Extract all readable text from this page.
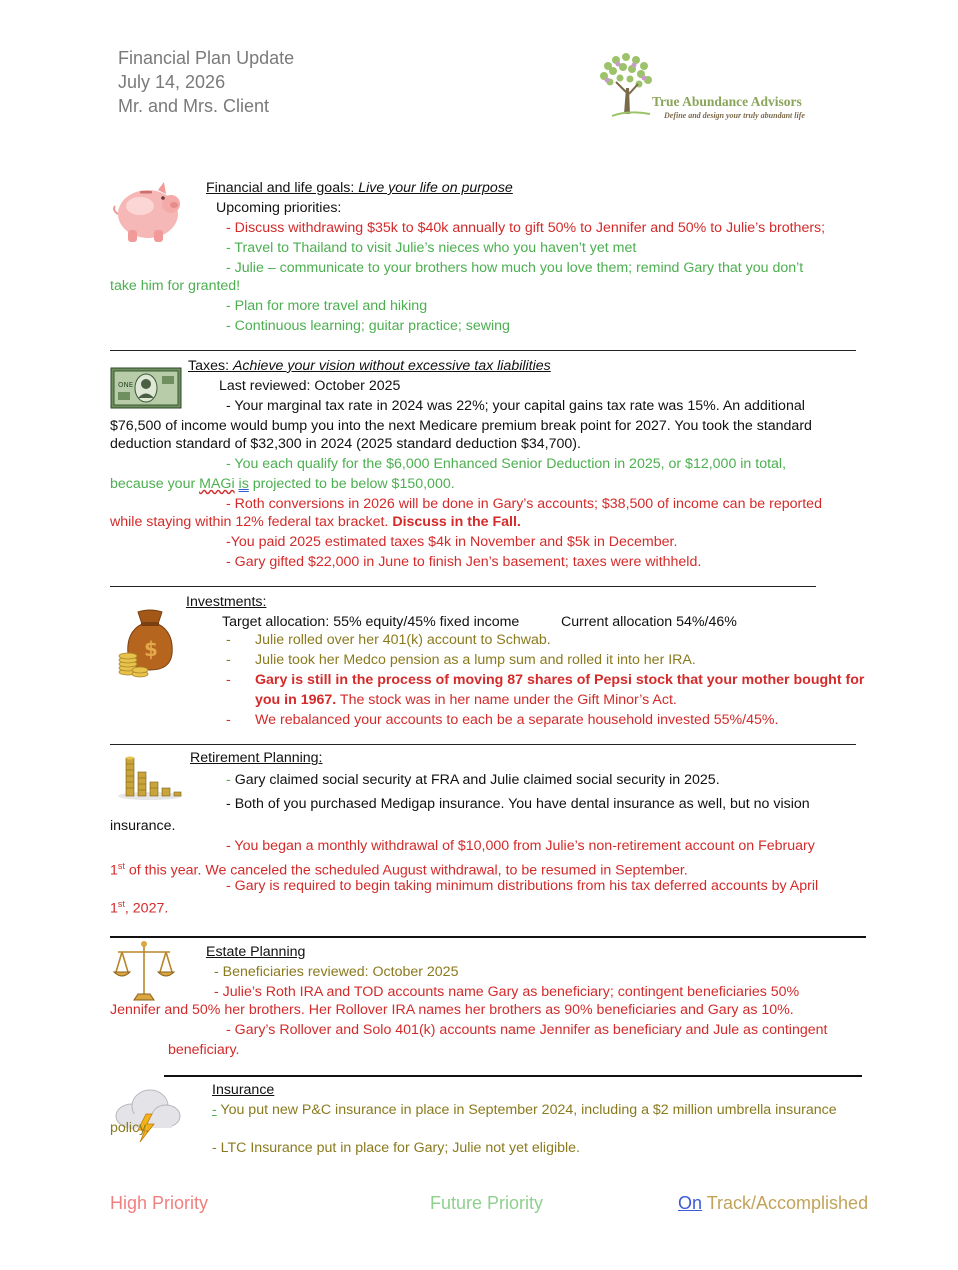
Financial Plan Update
July 14, 2026
Mr. and Mrs. Client	True Abundance Advisors
Define and design your truly abundant life
Financial and life goals: Live your life on purpose
Upcoming priorities:
- Discuss withdrawing $35k to $40k annually to gift 50% to Jennifer and 50% to Julie’s brothers;
- Travel to Thailand to visit Julie’s nieces who you haven’t yet met
- Julie – communicate to your brothers how much you love them; remind Gary that you don’t
take him for granted!
- Plan for more travel and hiking
- Continuous learning; guitar practice; sewing
ONE
Taxes: Achieve your vision without excessive tax liabilities
Last reviewed: October 2025
- Your marginal tax rate in 2024 was 22%; your capital gains tax rate was 15%. An additional
$76,500 of income would bump you into the next Medicare premium break point for 2027. You took the standard
deduction standard of $32,300 in 2024 (2025 standard deduction $34,700).
- You each qualify for the $6,000 Enhanced Senior Deduction in 2025, or $12,000 in total,
because your MAGi is projected to be below $150,000.
- Roth conversions in 2026 will be done in Gary’s accounts; $38,500 of income can be reported
while staying within 12% federal tax bracket. Discuss in the Fall.
-You paid 2025 estimated taxes $4k in November and $5k in December.
- Gary gifted $22,000 in June to finish Jen’s basement; taxes were withheld.
$
Investments:
Target allocation: 55% equity/45% fixed income	Current allocation 54%/46%
- Julie rolled over her 401(k) account to Schwab.
- Julie took her Medco pension as a lump sum and rolled it into her IRA.
- Gary is still in the process of moving 87 shares of Pepsi stock that your mother bought for
you in 1967. The stock was in her name under the Gift Minor’s Act.
- We rebalanced your accounts to each be a separate household invested 55%/45%.
Retirement Planning:
- Gary claimed social security at FRA and Julie claimed social security in 2025.
- Both of you purchased Medigap insurance. You have dental insurance as well, but no vision
insurance.
- You began a monthly withdrawal of $10,000 from Julie’s non-retirement account on February
1st of this year. We canceled the scheduled August withdrawal, to be resumed in September.
- Gary is required to begin taking minimum distributions from his tax deferred accounts by April
1st, 2027.
Estate Planning
- Beneficiaries reviewed: October 2025
- Julie’s Roth IRA and TOD accounts name Gary as beneficiary; contingent beneficiaries 50%
Jennifer and 50% her brothers. Her Rollover IRA names her brothers as 90% beneficiaries and Gary as 10%.
- Gary’s Rollover and Solo 401(k) accounts name Jennifer as beneficiary and Jule as contingent
beneficiary.
Insurance
- You put new P&C insurance in place in September 2024, including a $2 million umbrella insurance
policy.
- LTC Insurance put in place for Gary; Julie not yet eligible.
High Priority	Future Priority	On Track/Accomplished
